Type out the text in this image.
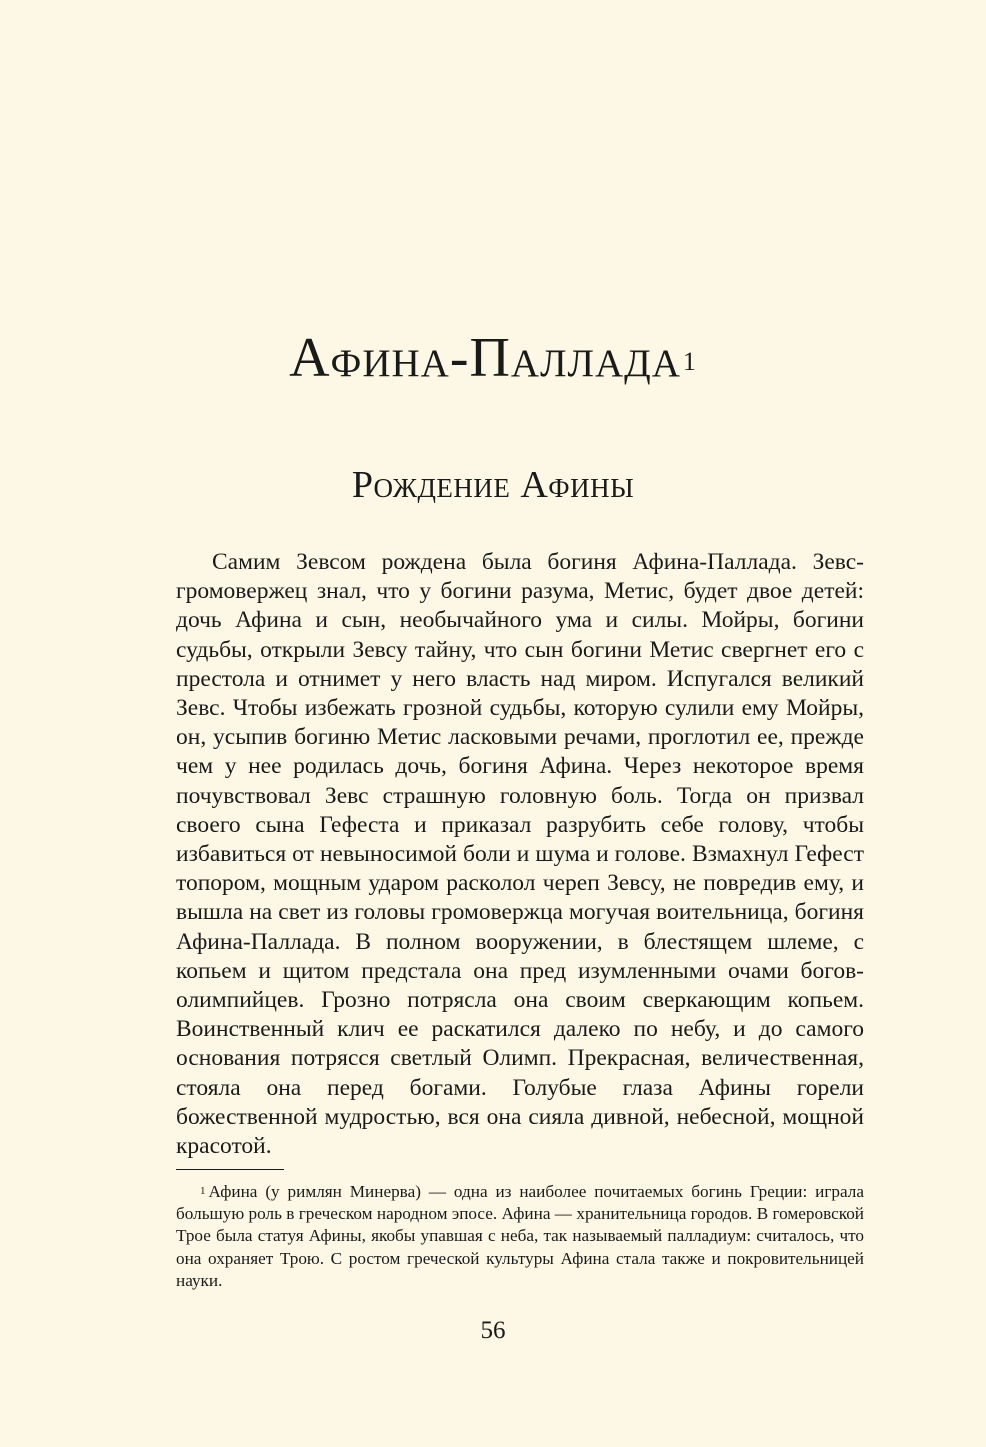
Афина-Паллада$^1$
Рождение Афины

Самим Зевсом рождена была богиня Афина-Паллада. Зевс-громовержец знал, что у богини разума, Метис, будет двое детей: дочь Афина и сын, необычайного ума и силы. Мойры, богини судьбы, открыли Зевсу тайну, что сын богини Метис свергнет его с престола и отнимет у него власть над миром. Испугался великий Зевс. Чтобы избежать грозной судьбы, которую сулили ему Мойры, он, усыпив богиню Метис ласковыми речами, проглотил ее, прежде чем у нее родилась дочь, богиня Афина. Через некоторое время почувствовал Зевс страшную головную боль. Тогда он призвал своего сына Гефеста и приказал разрубить себе голову, чтобы избавиться от невыносимой боли и шума и голове. Взмахнул Гефест топором, мощным ударом расколол череп Зевсу, не повредив ему, и вышла на свет из головы громовержца могучая воительница, богиня Афина-Паллада. В полном вооружении, в блестящем шлеме, с копьем и щитом предстала она пред изумленными очами богов-олимпийцев. Грозно потрясла она своим сверкающим копьем. Воинственный клич ее раскатился далеко по небу, и до самого основания потрясся светлый Олимп. Прекрасная, величественная, стояла она перед богами. Голубые глаза Афины горели божественной мудростью, вся она сияла дивной, небесной, мощной красотой.

$^1$ Афина (у римлян Минерва) — одна из наиболее почитаемых богинь Греции: играла большую роль в греческом народном эпосе. Афина — хранительница городов. В гомеровской Трое была статуя Афины, якобы упавшая с неба, так называемый палладиум: считалось, что она охраняет Трою. С ростом греческой культуры Афина стала также и покровительницей науки.

56
